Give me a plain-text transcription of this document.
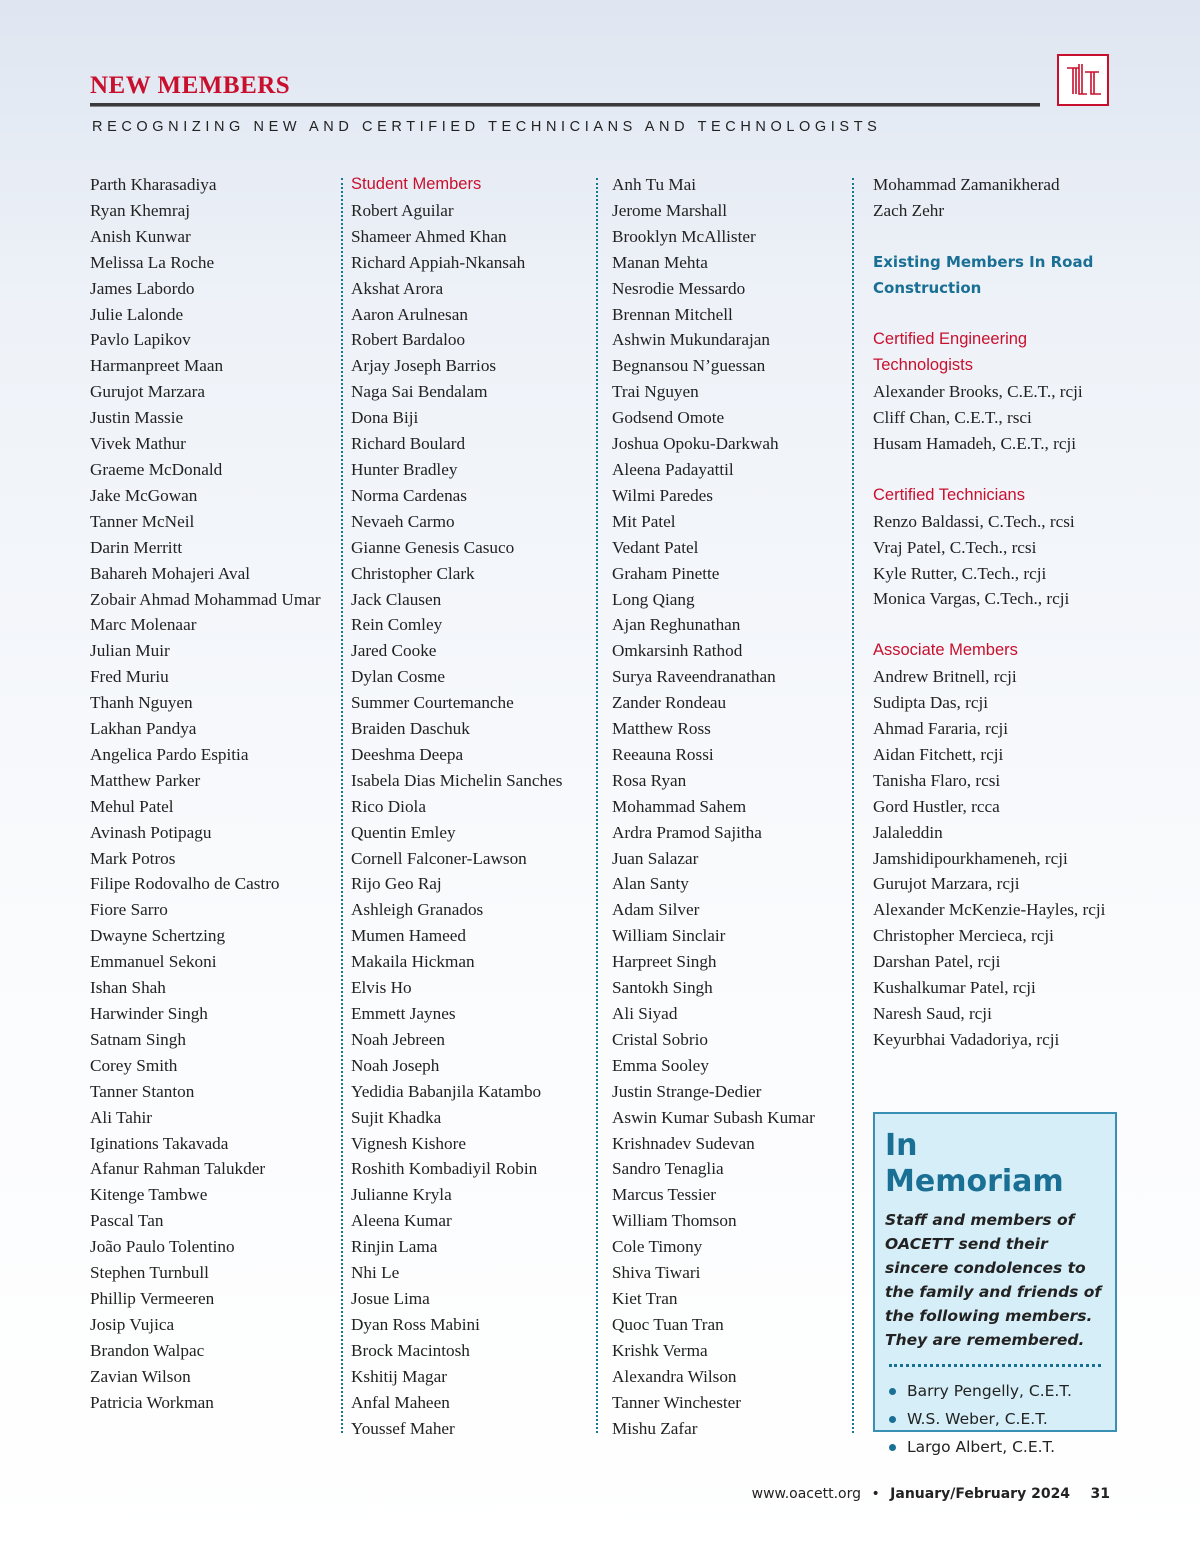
NEW MEMBERS
RECOGNIZING NEW AND CERTIFIED TECHNICIANS AND TECHNOLOGISTS
Parth Kharasadiya
Ryan Khemraj
Anish Kunwar
Melissa La Roche
James Labordo
Julie Lalonde
Pavlo Lapikov
Harmanpreet Maan
Gurujot Marzara
Justin Massie
Vivek Mathur
Graeme McDonald
Jake McGowan
Tanner McNeil
Darin Merritt
Bahareh Mohajeri Aval
Zobair Ahmad Mohammad Umar
Marc Molenaar
Julian Muir
Fred Muriu
Thanh Nguyen
Lakhan Pandya
Angelica Pardo Espitia
Matthew Parker
Mehul Patel
Avinash Potipagu
Mark Potros
Filipe Rodovalho de Castro
Fiore Sarro
Dwayne Schertzing
Emmanuel Sekoni
Ishan Shah
Harwinder Singh
Satnam Singh
Corey Smith
Tanner Stanton
Ali Tahir
Iginations Takavada
Afanur Rahman Talukder
Kitenge Tambwe
Pascal Tan
João Paulo Tolentino
Stephen Turnbull
Phillip Vermeeren
Josip Vujica
Brandon Walpac
Zavian Wilson
Patricia Workman
Student Members
Robert Aguilar
Shameer Ahmed Khan
Richard Appiah-Nkansah
Akshat Arora
Aaron Arulnesan
Robert Bardaloo
Arjay Joseph Barrios
Naga Sai Bendalam
Dona Biji
Richard Boulard
Hunter Bradley
Norma Cardenas
Nevaeh Carmo
Gianne Genesis Casuco
Christopher Clark
Jack Clausen
Rein Comley
Jared Cooke
Dylan Cosme
Summer Courtemanche
Braiden Daschuk
Deeshma Deepa
Isabela Dias Michelin Sanches
Rico Diola
Quentin Emley
Cornell Falconer-Lawson
Rijo Geo Raj
Ashleigh Granados
Mumen Hameed
Makaila Hickman
Elvis Ho
Emmett Jaynes
Noah Jebreen
Noah Joseph
Yedidia Babanjila Katambo
Sujit Khadka
Vignesh Kishore
Roshith Kombadiyil Robin
Julianne Kryla
Aleena Kumar
Rinjin Lama
Nhi Le
Josue Lima
Dyan Ross Mabini
Brock Macintosh
Kshitij Magar
Anfal Maheen
Youssef Maher
Anh Tu Mai
Jerome Marshall
Brooklyn McAllister
Manan Mehta
Nesrodie Messardo
Brennan Mitchell
Ashwin Mukundarajan
Begnansou N’guessan
Trai Nguyen
Godsend Omote
Joshua Opoku-Darkwah
Aleena Padayattil
Wilmi Paredes
Mit Patel
Vedant Patel
Graham Pinette
Long Qiang
Ajan Reghunathan
Omkarsinh Rathod
Surya Raveendranathan
Zander Rondeau
Matthew Ross
Reeauna Rossi
Rosa Ryan
Mohammad Sahem
Ardra Pramod Sajitha
Juan Salazar
Alan Santy
Adam Silver
William Sinclair
Harpreet Singh
Santokh Singh
Ali Siyad
Cristal Sobrio
Emma Sooley
Justin Strange-Dedier
Aswin Kumar Subash Kumar
Krishnadev Sudevan
Sandro Tenaglia
Marcus Tessier
William Thomson
Cole Timony
Shiva Tiwari
Kiet Tran
Quoc Tuan Tran
Krishk Verma
Alexandra Wilson
Tanner Winchester
Mishu Zafar
Mohammad Zamanikherad
Zach Zehr
Existing Members In Road
Construction
Certified Engineering
Technologists
Alexander Brooks, C.E.T., rcji
Cliff Chan, C.E.T., rsci
Husam Hamadeh, C.E.T., rcji
Certified Technicians
Renzo Baldassi, C.Tech., rcsi
Vraj Patel, C.Tech., rcsi
Kyle Rutter, C.Tech., rcji
Monica Vargas, C.Tech., rcji
Associate Members
Andrew Britnell, rcji
Sudipta Das, rcji
Ahmad Fararia, rcji
Aidan Fitchett, rcji
Tanisha Flaro, rcsi
Gord Hustler, rcca
Jalaleddin
Jamshidipourkhameneh, rcji
Gurujot Marzara, rcji
Alexander McKenzie-Hayles, rcji
Christopher Mercieca, rcji
Darshan Patel, rcji
Kushalkumar Patel, rcji
Naresh Saud, rcji
Keyurbhai Vadadoriya, rcji
In Memoriam
Staff and members of OACETT send their sincere condolences to the family and friends of the following members. They are remembered.
Barry Pengelly, C.E.T.
W.S. Weber, C.E.T.
Largo Albert, C.E.T.
www.oacett.org • January/February 2024 31
